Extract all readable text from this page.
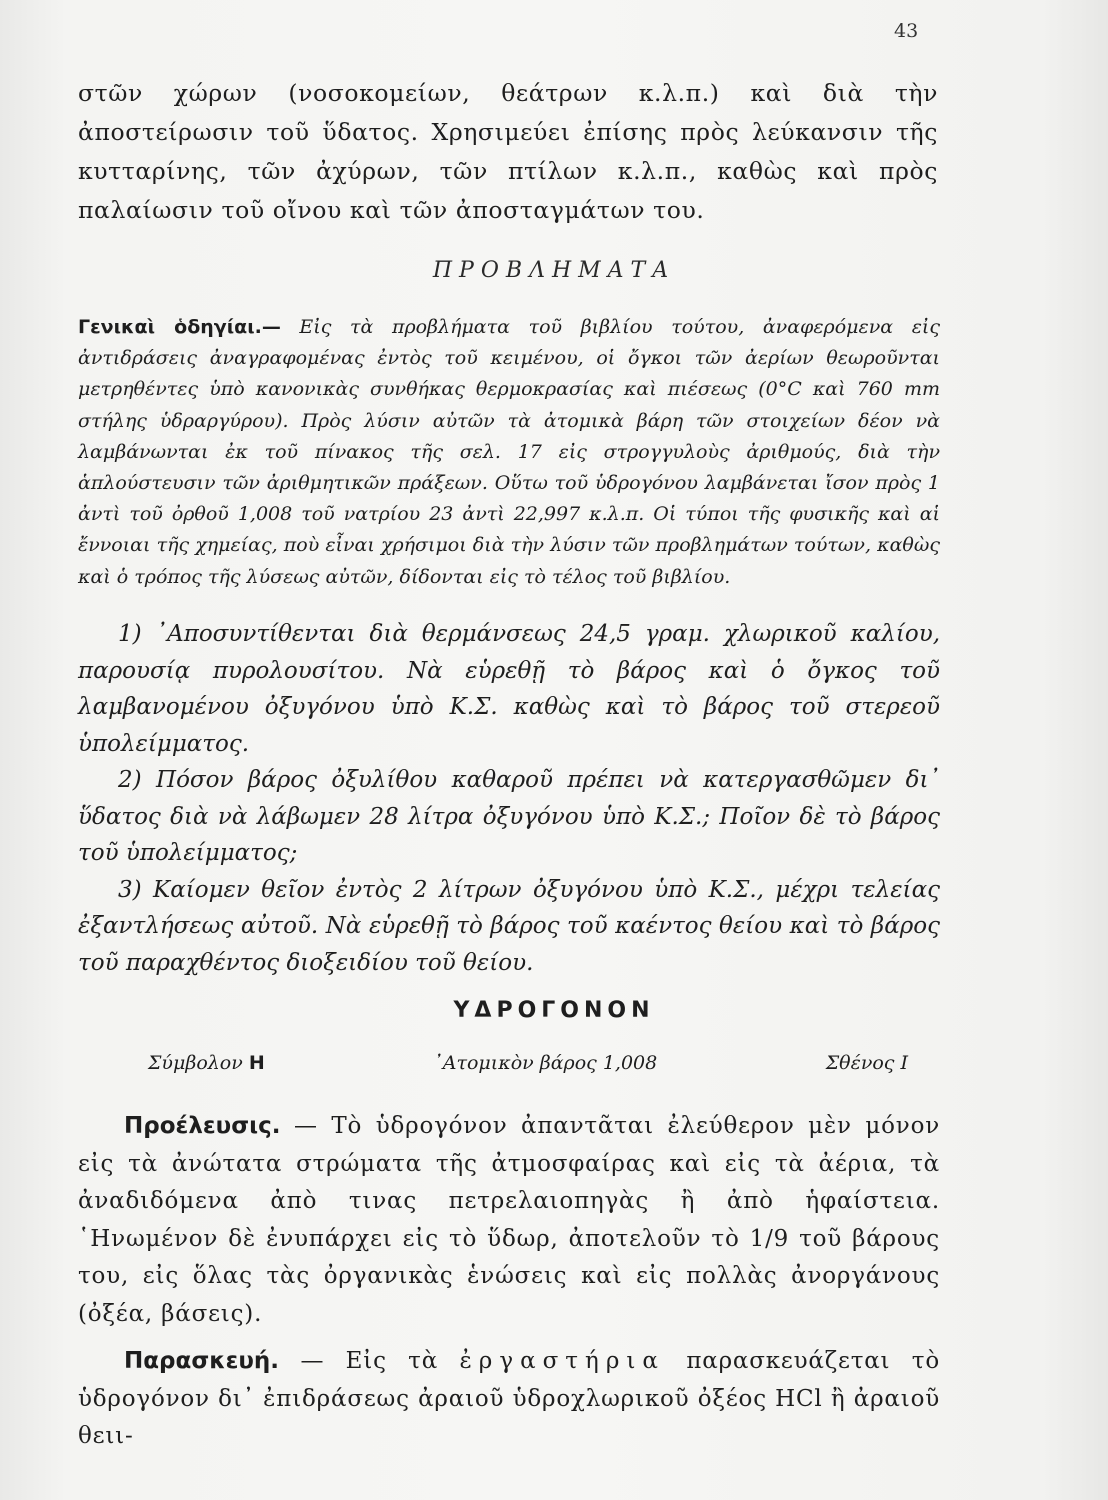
43

στῶν χώρων (νοσοκομείων, θεάτρων κ.λ.π.) καὶ διὰ τὴν ἀποστείρωσιν τοῦ ὕδατος. Χρησιμεύει ἐπίσης πρὸς λεύκανσιν τῆς κυτταρίνης, τῶν ἀχύρων, τῶν πτίλων κ.λ.π., καθὼς καὶ πρὸς παλαίωσιν τοῦ οἴνου καὶ τῶν ἀποσταγμάτων του.

ΠΡΟΒΛΗΜΑΤΑ

Γενικαὶ ὁδηγίαι.— Εἰς τὰ προβλήματα τοῦ βιβλίου τούτου, ἀναφερόμενα εἰς ἀντιδράσεις ἀναγραφομένας ἐντὸς τοῦ κειμένου, οἱ ὄγκοι τῶν ἀερίων θεωροῦνται μετρηθέντες ὑπὸ κανονικὰς συνθήκας θερμοκρασίας καὶ πιέσεως (0°C καὶ 760 mm στήλης ὑδραργύρου). Πρὸς λύσιν αὐτῶν τὰ ἀτομικὰ βάρη τῶν στοιχείων δέον νὰ λαμβάνωνται ἐκ τοῦ πίνακος τῆς σελ. 17 εἰς στρογγυλοὺς ἀριθμούς, διὰ τὴν ἁπλούστευσιν τῶν ἀριθμητικῶν πράξεων. Οὕτω τοῦ ὑδρογόνου λαμβάνεται ἴσον πρὸς 1 ἀντὶ τοῦ ὀρθοῦ 1,008 τοῦ νατρίου 23 ἀντὶ 22,997 κ.λ.π. Οἱ τύποι τῆς φυσικῆς καὶ αἱ ἔννοιαι τῆς χημείας, ποὺ εἶναι χρήσιμοι διὰ τὴν λύσιν τῶν προβλημάτων τούτων, καθὼς καὶ ὁ τρόπος τῆς λύσεως αὐτῶν, δίδονται εἰς τὸ τέλος τοῦ βιβλίου.

1) ᾿Αποσυντίθενται διὰ θερμάνσεως 24,5 γραμ. χλωρικοῦ καλίου, παρουσίᾳ πυρολουσίτου. Νὰ εὑρεθῇ τὸ βάρος καὶ ὁ ὄγκος τοῦ λαμβανομένου ὀξυγόνου ὑπὸ Κ.Σ. καθὼς καὶ τὸ βάρος τοῦ στερεοῦ ὑπολείμματος.

2) Πόσον βάρος ὀξυλίθου καθαροῦ πρέπει νὰ κατεργασθῶμεν δι᾿ ὕδατος διὰ νὰ λάβωμεν 28 λίτρα ὀξυγόνου ὑπὸ Κ.Σ.; Ποῖον δὲ τὸ βάρος τοῦ ὑπολείμματος;

3) Καίομεν θεῖον ἐντὸς 2 λίτρων ὀξυγόνου ὑπὸ Κ.Σ., μέχρι τελείας ἐξαντλήσεως αὐτοῦ. Νὰ εὑρεθῇ τὸ βάρος τοῦ καέντος θείου καὶ τὸ βάρος τοῦ παραχθέντος διοξειδίου τοῦ θείου.

ΥΔΡΟΓΟΝΟΝ
Σύμβολον H	᾿Ατομικὸν βάρος 1,008	Σθένος I

Προέλευσις. — Τὸ ὑδρογόνον ἀπαντᾶται ἐλεύθερον μὲν μόνον εἰς τὰ ἀνώτατα στρώματα τῆς ἀτμοσφαίρας καὶ εἰς τὰ ἀέρια, τὰ ἀναδιδόμενα ἀπὸ τινας πετρελαιοπηγὰς ἢ ἀπὸ ἡφαίστεια. ῾Ηνωμένον δὲ ἐνυπάρχει εἰς τὸ ὕδωρ, ἀποτελοῦν τὸ 1/9 τοῦ βάρους του, εἰς ὅλας τὰς ὀργανικὰς ἑνώσεις καὶ εἰς πολλὰς ἀνοργάνους (ὀξέα, βάσεις).

Παρασκευή. — Εἰς τὰ ἐργαστήρια παρασκευάζεται τὸ ὑδρογόνον δι᾿ ἐπιδράσεως ἀραιοῦ ὑδροχλωρικοῦ ὀξέος HCl ἢ ἀραιοῦ θειι-
